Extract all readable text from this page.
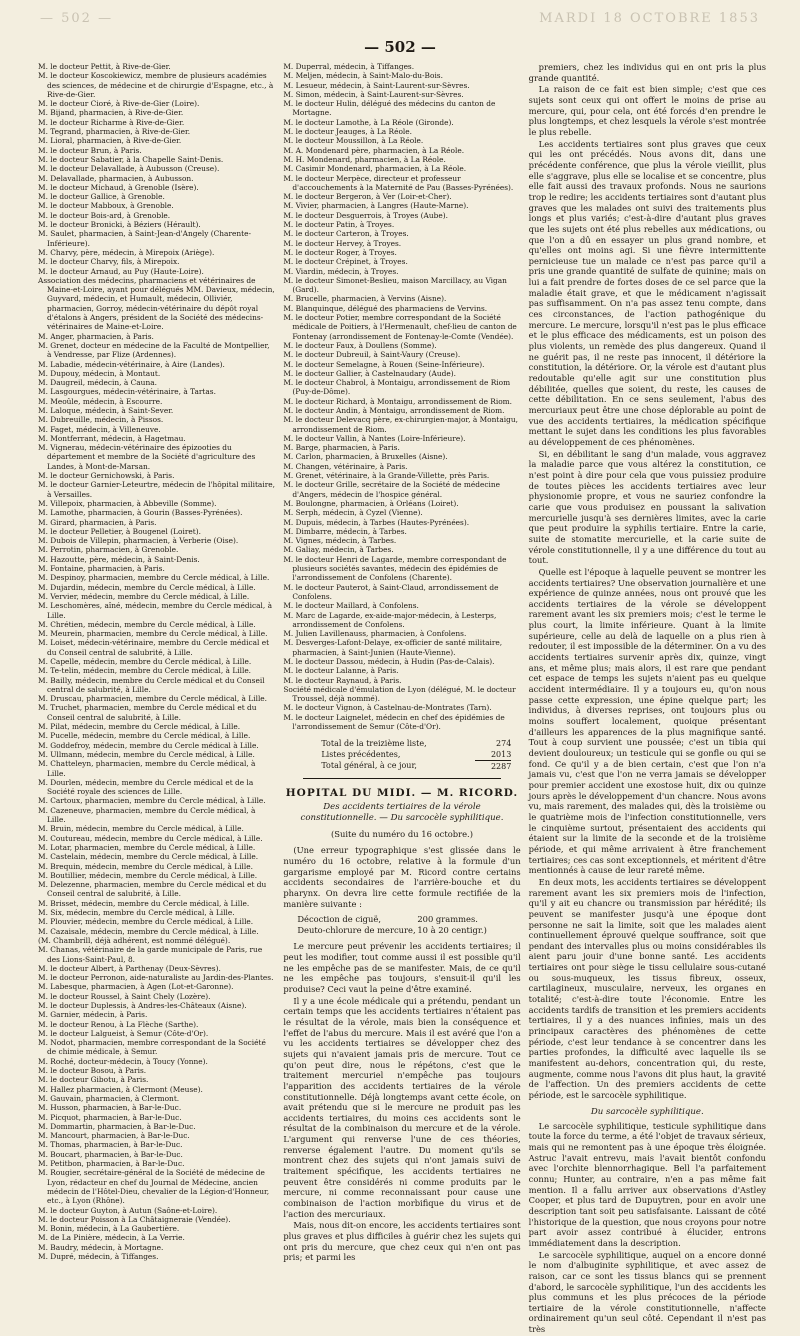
— 502 —	MARDI 18 OCTOBRE 1853
— 502 —

M. le docteur Pettit, à Rive-de-Gier.

M. le docteur Koscokiewicz, membre de plusieurs académies des sciences, de médecine et de chirurgie d'Espagne, etc., à Rive-de-Gier.

M. le docteur Cioré, à Rive-de-Gier (Loire).

M. Bijand, pharmacien, à Rive-de-Gier.

M. le docteur Richarme à Rive-de-Gier.

M. Tegrand, pharmacien, à Rive-de-Gier.

M. Lioral, pharmacien, à Rive-de-Gier.

M. le docteur Brun, à Paris.

M. le docteur Sabatier, à la Chapelle Saint-Denis.

M. le docteur Delavallade, à Aubusson (Creuse).

M. Delavallade, pharmacien, à Aubusson.

M. le docteur Michaud, à Grenoble (Isère).

M. le docteur Gallice, à Grenoble.

M. le docteur Mabboux, à Grenoble.

M. le docteur Bois-ard, à Grenoble.

M. le docteur Bronicki, à Béziers (Hérault).

M. Saulet, pharmacien, à Saint-Jean-d'Angely (Charente-Inférieure).

M. Charvy, père, médecin, à Mirepoix (Ariège).

M. le docteur Charvy, fils, à Mirepoix.

M. le docteur Arnaud, au Puy (Haute-Loire).

Association des médecins, pharmaciens et vétérinaires de Maine-et-Loire, ayant pour délégués MM. Davieux, médecin, Guyvard, médecin, et Humault, médecin, Olliviér, pharmacien, Gorroy, médecin-vétérinaire du dépôt royal d'étalons à Angers, président de la Société des médecins-vétérinaires de Maine-et-Loire.

M. Anger, pharmacien, à Paris.

M. Grenet, docteur en médecine de la Faculté de Montpellier, à Vendresse, par Flize (Ardennes).

M. Labadie, médecin-vétérinaire, à Aire (Landes).

M. Dupouy, médecin, à Montaut.

M. Daugreil, médecin, à Cauna.

M. Lasgourgues, médecin-vétérinaire, à Tartas.

M. Meoûle, médecin, à Escourre.

M. Laloque, médecin, à Saint-Sever.

M. Dubreuille, médecin, à Pissos.

M. Faget, médecin, à Villeneuve.

M. Montferrant, médecin, à Hagetmau.

M. Vignerau, médecin-vétérinaire des épizooties du département et membre de la Société d'agriculture des Landes, à Mont-de-Marsan.

M. le docteur Gernichowski, à Paris.

M. le docteur Garnier-Leteurtre, médecin de l'hôpital militaire, à Versailles.

M. Villepoix, pharmacien, à Abbeville (Somme).

M. Lamothe, pharmacien, à Gourin (Basses-Pyrénées).

M. Girard, pharmacien, à Paris.

M. le docteur Pelletier, à Bougenel (Loiret).

M. Dubois de Villepin, pharmacien, à Verberie (Oise).

M. Perrotin, pharmacien, à Grenoble.

M. Hazoutte, père, médecin, à Saint-Denis.

M. Fontaine, pharmacien, à Paris.

M. Despinoy, pharmacien, membre du Cercle médical, à Lille.

M. Dujardin, médecin, membre du Cercle médical, à Lille.

M. Vervier, médecin, membre du Cercle médical, à Lille.

M. Leschomères, aîné, médecin, membre du Cercle médical, à Lille.

M. Chrétien, médecin, membre du Cercle médical, à Lille.

M. Meurein, pharmacien, membre du Cercle médical, à Lille.

M. Loiset, médecin-vétérinaire, membre du Cercle médical et du Conseil central de salubrité, à Lille.

M. Capelle, médecin, membre du Cercle médical, à Lille.

M. Te-telin, médecin, membre du Cercle médical, à Lille.

M. Bailly, médecin, membre du Cercle médical et du Conseil central de salubrité, à Lille.

M. Druscau, pharmacien, membre du Cercle médical, à Lille.

M. Truchet, pharmacien, membre du Cercle médical et du Conseil central de salubrité, à Lille.

M. Pilat, médecin, membre du Cercle médical, à Lille.

M. Pucelle, médecin, membre du Cercle médical, à Lille.

M. Goddefroy, médecin, membre du Cercle médical à Lille.

M. Ullmann, médecin, membre du Cercle médical, à Lille.

M. Chatteleyn, pharmacien, membre du Cercle médical, à Lille.

M. Dourlen, médecin, membre du Cercle médical et de la Société royale des sciences de Lille.

M. Cartoux, pharmacien, membre du Cercle médical, à Lille.

M. Cazeneuve, pharmacien, membre du Cercle médical, à Lille.

M. Bruin, médecin, membre du Cercle médical, à Lille.

M. Coutureau, médecin, membre du Cercle médical, à Lille.

M. Lotar, pharmacien, membre du Cercle médical, à Lille.

M. Castelain, médecin, membre du Cercle médical, à Lille.

M. Brequin, médecin, membre du Cercle médical, à Lille.

M. Boutillier, médecin, membre du Cercle médical, à Lille.

M. Delezenne, pharmacien, membre du Cercle médical et du Conseil central de salubrité, à Lille.

M. Brisset, médecin, membre du Cercle médical, à Lille.

M. Six, médecin, membre du Cercle médical, à Lille.

M. Plouvier, médecin, membre du Cercle médical, à Lille.

M. Cazaisale, médecin, membre du Cercle médical, à Lille.

(M. Chambrill, déjà adhérent, est nommé délégué).

M. Chanas, vétérinaire de la garde municipale de Paris, rue des Lions-Saint-Paul, 8.

M. le docteur Albert, à Parthenay (Deux-Sèvres).

M. le docteur Perronon, aide-naturaliste au Jardin-des-Plantes.

M. Labesque, pharmacien, à Agen (Lot-et-Garonne).

M. le docteur Roussel, à Saint Chely (Lozère).

M. le docteur Duplessis, à Andres-les-Châteaux (Aisne).

M. Garnier, médecin, à Paris.

M. le docteur Renou, à La Flèche (Sarthe).

M. le docteur Lalgueist, à Semur (Côte-d'Or).

M. Nodot, pharmacien, membre correspondant de la Société de chimie médicale, à Semur.

M. Roché, docteur-médecin, à Toucy (Yonne).

M. le docteur Bosou, à Paris.

M. le docteur Gibotu, à Paris.

M. Hallez pharmacien, à Clermont (Meuse).

M. Gauvain, pharmacien, à Clermont.

M. Husson, pharmacien, à Bar-le-Duc.

M. Picquot, pharmacien, à Bar-le-Duc.

M. Dommartin, pharmacien, à Bar-le-Duc.

M. Mancourt, pharmacien, à Bar-le-Duc.

M. Thomas, pharmacien, à Bar-le-Duc.

M. Boucart, pharmacien, à Bar-le-Duc.

M. Petitbon, pharmacien, à Bar-le-Duc.

M. Rougier, secrétaire-général de la Société de médecine de Lyon, rédacteur en chef du Journal de Médecine, ancien médecin de l'Hôtel-Dieu, chevalier de la Légion-d'Honneur, etc., à Lyon (Rhône).

M. le docteur Guyton, à Autun (Saône-et-Loire).

M. le docteur Poisson à La Châtaigneraie (Vendée).

M. Bonin, médecin, à La Gaubertière.

M. de La Pinière, médecin, à La Verrie.

M. Baudry, médecin, à Mortagne.

M. Dupré, médecin, à Tiffanges.

M. Duperral, médecin, à Tiffanges.

M. Meljen, médecin, à Saint-Malo-du-Bois.

M. Lesueur, médecin, à Saint-Laurent-sur-Sèvres.

M. Simon, médecin, à Saint-Laurent-sur-Sèvres.

M. le docteur Hulin, délégué des médecins du canton de Mortagne.

M. le docteur Lamothe, à La Réole (Gironde).

M. le docteur Jeauges, à La Réole.

M. le docteur Moussillon, à La Réole.

M. A. Mondenard père, pharmacien, à La Réole.

M. H. Mondenard, pharmacien, à La Réole.

M. Casimir Mondenard, pharmacien, à La Réole.

M. le docteur Merpèce, directeur et professeur d'accouchements à la Maternité de Pau (Basses-Pyrénées).

M. le docteur Bergeron, à Ver (Loir-et-Cher).

M. Vivier, pharmacien, à Langres (Haute-Marne).

M. le docteur Desguerrois, à Troyes (Aube).

M. le docteur Patin, à Troyes.

M. le docteur Carteron, à Troyes.

M. le docteur Hervey, à Troyes.

M. le docteur Roger, à Troyes.

M. le docteur Crépinet, à Troyes.

M. Viardin, médecin, à Troyes.

M. le docteur Simonet-Beslieu, maison Marcillacy, au Vigan (Gard).

M. Brucelle, pharmacien, à Vervins (Aisne).

M. Blanquinque, délégué des pharmaciens de Vervins.

M. le docteur Potier, membre correspondant de la Société médicale de Poitiers, à l'Hermenault, chef-lieu de canton de Fontenay (arrondissement de Fontenay-le-Comte (Vendée).

M. le docteur Faux, à Doullens (Somme).

M. le docteur Dubreuil, à Saint-Vaury (Creuse).

M. le docteur Semelagne, à Rouen (Seine-Inférieure).

M. le docteur Gallier, à Castelnaudary (Aude).

M. le docteur Chabrol, à Montaigu, arrondissement de Riom (Puy-de-Dôme).

M. le docteur Richard, à Montaigu, arrondissement de Riom.

M. le docteur Andin, à Montaigu, arrondissement de Riom.

M. le docteur Delevacq père, ex-chirurgien-major, à Montaigu, arrondissement de Riom.

M. le docteur Vallin, à Nantes (Loire-Inférieure).

M. Barge, pharmacien, à Paris.

M. Carlon, pharmacien, à Bruxelles (Aisne).

M. Changen, vétérinaire, à Paris.

M. Grenet, vétérinaire, à la Grande-Villette, près Paris.

M. le docteur Grille, secrétaire de la Société de médecine d'Angers, médecin de l'hospice général.

M. Boulongne, pharmacien, à Orléans (Loiret).

M. Serph, médecin, à Cyzel (Vienne).

M. Dupuis, médecin, à Tarbes (Hautes-Pyrénées).

M. Dimbarre, médecin, à Tarbes.

M. Vignes, médecin, à Tarbes.

M. Galiay, médecin, à Tarbes.

M. le docteur Henri de Lagarde, membre correspondant de plusieurs sociétés savantes, médecin des épidémies de l'arrondissement de Confolens (Charente).

M. le docteur Pauterot, à Saint-Claud, arrondissement de Confolens.

M. le docteur Maillard, à Confolens.

M. Marc de Lagarde, ex-aide-major-médecin, à Lesterps, arrondissement de Confolens.

M. Julien Lavillenauss, pharmacien, à Confolens.

M. Desverges-Lafont-Delaye, ex-officier de santé militaire, pharmacien, à Saint-Junien (Haute-Vienne).

M. le docteur Dassou, médecin, à Hudin (Pas-de-Calais).

M. le docteur Lalanne, à Paris.

M. le docteur Raynaud, à Paris.

Société médicale d'émulation de Lyon (délégué, M. le docteur Troussel, déjà nommé).

M. le docteur Vignon, à Castelnau-de-Montrates (Tarn).

M. le docteur Laignelet, médecin en chef des épidémies de l'arrondissement de Semur (Côte-d'Or).

Total de la treizième liste,	274
Listes précédentes,	2013
Total général, à ce jour,	2287
HOPITAL DU MIDI. — M. RICORD.
Des accidents tertiaires de la vérole constitutionnelle. — Du sarcocèle syphilitique.
(Suite du numéro du 16 octobre.)

(Une erreur typographique s'est glissée dans le numéro du 16 octobre, relative à la formule d'un gargarisme employé par M. Ricord contre certains accidents secondaires de l'arrière-bouche et du pharynx. On devra lire cette formule rectifiée de la manière suivante :

Décoction de ciguë,	200 grammes.
Deuto-chlorure de mercure, 10 à 20 centigr.)

Le mercure peut prévenir les accidents tertiaires; il peut les modifier, tout comme aussi il est possible qu'il ne les empêche pas de se manifester. Mais, de ce qu'il ne les empêche pas toujours, s'ensuit-il qu'il les produise? Ceci vaut la peine d'être examiné.

Il y a une école médicale qui a prétendu, pendant un certain temps que les accidents tertiaires n'étaient pas le résultat de la vérole, mais bien la conséquence et l'effet de l'abus du mercure. Mais il est avéré que l'on a vu les accidents tertiaires se développer chez des sujets qui n'avaient jamais pris de mercure. Tout ce qu'on peut dire, nous le répétons, c'est que le traitement mercuriel n'empêche pas toujours l'apparition des accidents tertiaires de la vérole constitutionnelle. Déjà longtemps avant cette école, on avait prétendu que si le mercure ne produit pas les accidents tertiaires, du moins ces accidents sont le résultat de la combinaison du mercure et de la vérole. L'argument qui renverse l'une de ces théories, renverse également l'autre. Du moment qu'ils se montrent chez des sujets qui n'ont jamais suivi de traitement spécifique, les accidents tertiaires ne peuvent être considérés ni comme produits par le mercure, ni comme reconnaissant pour cause une combinaison de l'action morbifique du virus et de l'action des mercuriaux.

Mais, nous dit-on encore, les accidents tertiaires sont plus graves et plus difficiles à guérir chez les sujets qui ont pris du mercure, que chez ceux qui n'en ont pas pris; et parmi les

premiers, chez les individus qui en ont pris la plus grande quantité.

La raison de ce fait est bien simple; c'est que ces sujets sont ceux qui ont offert le moins de prise au mercure, qui, pour cela, ont été forcés d'en prendre le plus longtemps, et chez lesquels la vérole s'est montrée le plus rebelle.

Les accidents tertiaires sont plus graves que ceux qui les ont précédés. Nous avons dit, dans une précédente conférence, que plus la vérole vieillit, plus elle s'aggrave, plus elle se localise et se concentre, plus elle fait aussi des travaux profonds. Nous ne saurions trop le redire; les accidents tertiaires sont d'autant plus graves que les malades ont suivi des traitements plus longs et plus variés; c'est-à-dire d'autant plus graves que les sujets ont été plus rebelles aux médications, ou que l'on a dû en essayer un plus grand nombre, et qu'elles ont moins agi. Si une fièvre intermittente pernicieuse tue un malade ce n'est pas parce qu'il a pris une grande quantité de sulfate de quinine; mais on lui a fait prendre de fortes doses de ce sel parce que la maladie était grave, et que le médicament n'agissait pas suffisamment. On n'a pas assez tenu compte, dans ces circonstances, de l'action pathogénique du mercure. Le mercure, lorsqu'il n'est pas le plus efficace et le plus efficace des médicaments, est un poison des plus violents, un remède des plus dangereux. Quand il ne guérit pas, il ne reste pas innocent, il détériore la constitution, la détériore. Or, la vérole est d'autant plus redoutable qu'elle agit sur une constitution plus débilitée, quelles que soient, du reste, les causes de cette débilitation. En ce sens seulement, l'abus des mercuriaux peut être une chose déplorable au point de vue des accidents tertiaires, la médication spécifique mettant le sujet dans les conditions les plus favorables au développement de ces phénomènes.

Si, en débilitant le sang d'un malade, vous aggravez la maladie parce que vous altérez la constitution, ce n'est point à dire pour cela que vous puissiez produire de toutes pièces les accidents tertiaires avec leur physionomie propre, et vous ne sauriez confondre la carie que vous produisez en poussant la salivation mercurielle jusqu'à ses dernières limites, avec la carie que peut produire la syphilis tertiaire. Entre la carie, suite de stomatite mercurielle, et la carie suite de vérole constitutionnelle, il y a une différence du tout au tout.

Quelle est l'époque à laquelle peuvent se montrer les accidents tertiaires? Une observation journalière et une expérience de quinze années, nous ont prouvé que les accidents tertiaires de la vérole se développent rarement avant les six premiers mois; c'est le terme le plus court, la limite inférieure. Quant à la limite supérieure, celle au delà de laquelle on a plus rien à redouter, il est impossible de la déterminer. On a vu des accidents tertiaires survenir après dix, quinze, vingt ans, et même plus; mais alors, il est rare que pendant cet espace de temps les sujets n'aient pas eu quelque accident intermédiaire. Il y a toujours eu, qu'on nous passe cette expression, une épine quelque part; les individus, à diverses reprises, ont toujours plus ou moins souffert localement, quoique présentant d'ailleurs les apparences de la plus magnifique santé. Tout à coup survient une poussée; c'est un tibia qui devient douloureux; un testicule qui se gonfle ou qui se fond. Ce qu'il y a de bien certain, c'est que l'on n'a jamais vu, c'est que l'on ne verra jamais se développer pour premier accident une exostose huit, dix ou quinze jours après le développement d'un chancre. Nous avons vu, mais rarement, des malades qui, dès la troisième ou le quatrième mois de l'infection constitutionnelle, vers le cinquième surtout, présentaient des accidents qui étaient sur la limite de la seconde et de la troisième période, et qui même arrivaient à être franchement tertiaires; ces cas sont exceptionnels, et méritent d'être mentionnés à cause de leur rareté même.

En deux mots, les accidents tertiaires se développent rarement avant les six premiers mois de l'infection, qu'il y ait eu chancre ou transmission par hérédité; ils peuvent se manifester jusqu'à une époque dont personne ne sait la limite, soit que les malades aient continuellement éprouvé quelque souffrance, soit que pendant des intervalles plus ou moins considérables ils aient paru jouir d'une bonne santé. Les accidents tertiaires ont pour siège le tissu cellulaire sous-cutané ou sous-muqueux, les tissus fibreux, osseux, cartilagineux, musculaire, nerveux, les organes en totalité; c'est-à-dire toute l'économie. Entre les accidents tardifs de transition et les premiers accidents tertiaires, il y a des nuances infinies, mais un des principaux caractères des phénomènes de cette période, c'est leur tendance à se concentrer dans les parties profondes, la difficulté avec laquelle ils se manifestent au-dehors, concentration qui, du reste, augmente, comme nous l'avons dit plus haut, la gravité de l'affection. Un des premiers accidents de cette période, est le sarcocèle syphilitique.

Du sarcocèle syphilitique.

Le sarcocèle syphilitique, testicule syphilitique dans toute la force du terme, a été l'objet de travaux sérieux, mais qui ne remontent pas à une époque très éloignée. Astruc l'avait entrevu, mais l'avait bientôt confondu avec l'orchite blennorrhagique. Bell l'a parfaitement connu; Hunter, au contraire, n'en a pas même fait mention. Il a fallu arriver aux observations d'Astley Cooper, et plus tard de Dupuytren, pour en avoir une description tant soit peu satisfaisante. Laissant de côté l'historique de la question, que nous croyons pour notre part avoir assez contribué à élucider, entrons immédiatement dans la description.

Le sarcocèle syphilitique, auquel on a encore donné le nom d'albuginite syphilitique, et avec assez de raison, car ce sont les tissus blancs qui se prennent d'abord, le sarcocèle syphilitique, l'un des accidents les plus communs et les plus précoces de la période tertiaire de la vérole constitutionnelle, n'affecte ordinairement qu'un seul côté. Cependant il n'est pas très
